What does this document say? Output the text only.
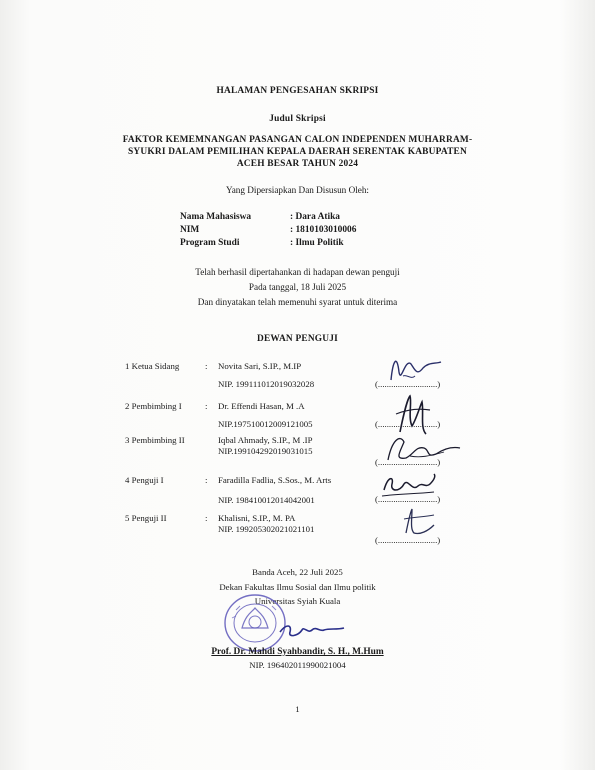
HALAMAN PENGESAHAN SKRIPSI
Judul Skripsi
FAKTOR KEMEMNANGAN PASANGAN CALON INDEPENDEN MUHARRAM-
SYUKRI DALAM PEMILIHAN KEPALA DAERAH SERENTAK KABUPATEN
ACEH BESAR TAHUN 2024
Yang Dipersiapkan Dan Disusun Oleh:
Nama Mahasiswa	: Dara Atika
NIM	: 1810103010006
Program Studi	: Ilmu Politik
Telah berhasil dipertahankan di hadapan dewan penguji
Pada tanggal, 18 Juli 2025
Dan dinyatakan telah memenuhi syarat untuk diterima
DEWAN PENGUJI
1 Ketua Sidang	: Novita Sari, S.IP., M.IP
NIP. 199111012019032028	(...........................)
2 Pembimbing I	: Dr. Effendi Hasan, M .A
NIP.197510012009121005	(...........................)
3 Pembimbing II	Iqbal Ahmady, S.IP., M .IP
NIP.199104292019031015
(...........................)
4 Penguji I	: Faradilla Fadlia, S.Sos., M. Arts
NIP. 198410012014042001	(...........................)
5 Penguji II	: Khalisni, S.IP., M. PA
NIP. 199205302021021101
(...........................)
Banda Aceh, 22 Juli 2025
Dekan Fakultas Ilmu Sosial dan Ilmu politik
Universitas Syiah Kuala
Prof. Dr. Mahdi Syahbandir, S. H., M.Hum
NIP. 196402011990021004
1
